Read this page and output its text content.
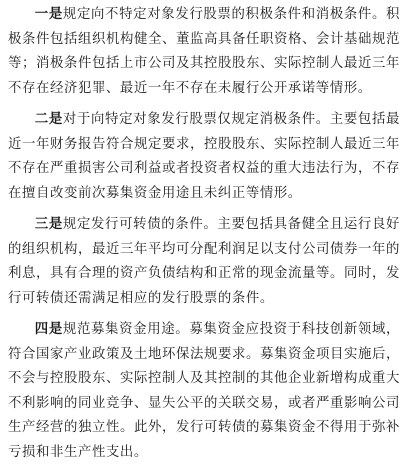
一是规定向不特定对象发行股票的积极条件和消极条件。积极条件包括组织机构健全、董监高具备任职资格、会计基础规范等；消极条件包括上市公司及其控股股东、实际控制人最近三年不存在经济犯罪、最近一年不存在未履行公开承诺等情形。

二是对于向特定对象发行股票仅规定消极条件。主要包括最近一年财务报告符合规定要求，控股股东、实际控制人最近三年不存在严重损害公司利益或者投资者权益的重大违法行为，不存在擅自改变前次募集资金用途且未纠正等情形。

三是规定发行可转债的条件。主要包括具备健全且运行良好的组织机构，最近三年平均可分配利润足以支付公司债券一年的利息，具有合理的资产负债结构和正常的现金流量等。同时，发行可转债还需满足相应的发行股票的条件。

四是规范募集资金用途。募集资金应投资于科技创新领域，符合国家产业政策及土地环保法规要求。募集资金项目实施后，不会与控股股东、实际控制人及其控制的其他企业新增构成重大不利影响的同业竞争、显失公平的关联交易，或者严重影响公司生产经营的独立性。此外，发行可转债的募集资金不得用于弥补亏损和非生产性支出。
